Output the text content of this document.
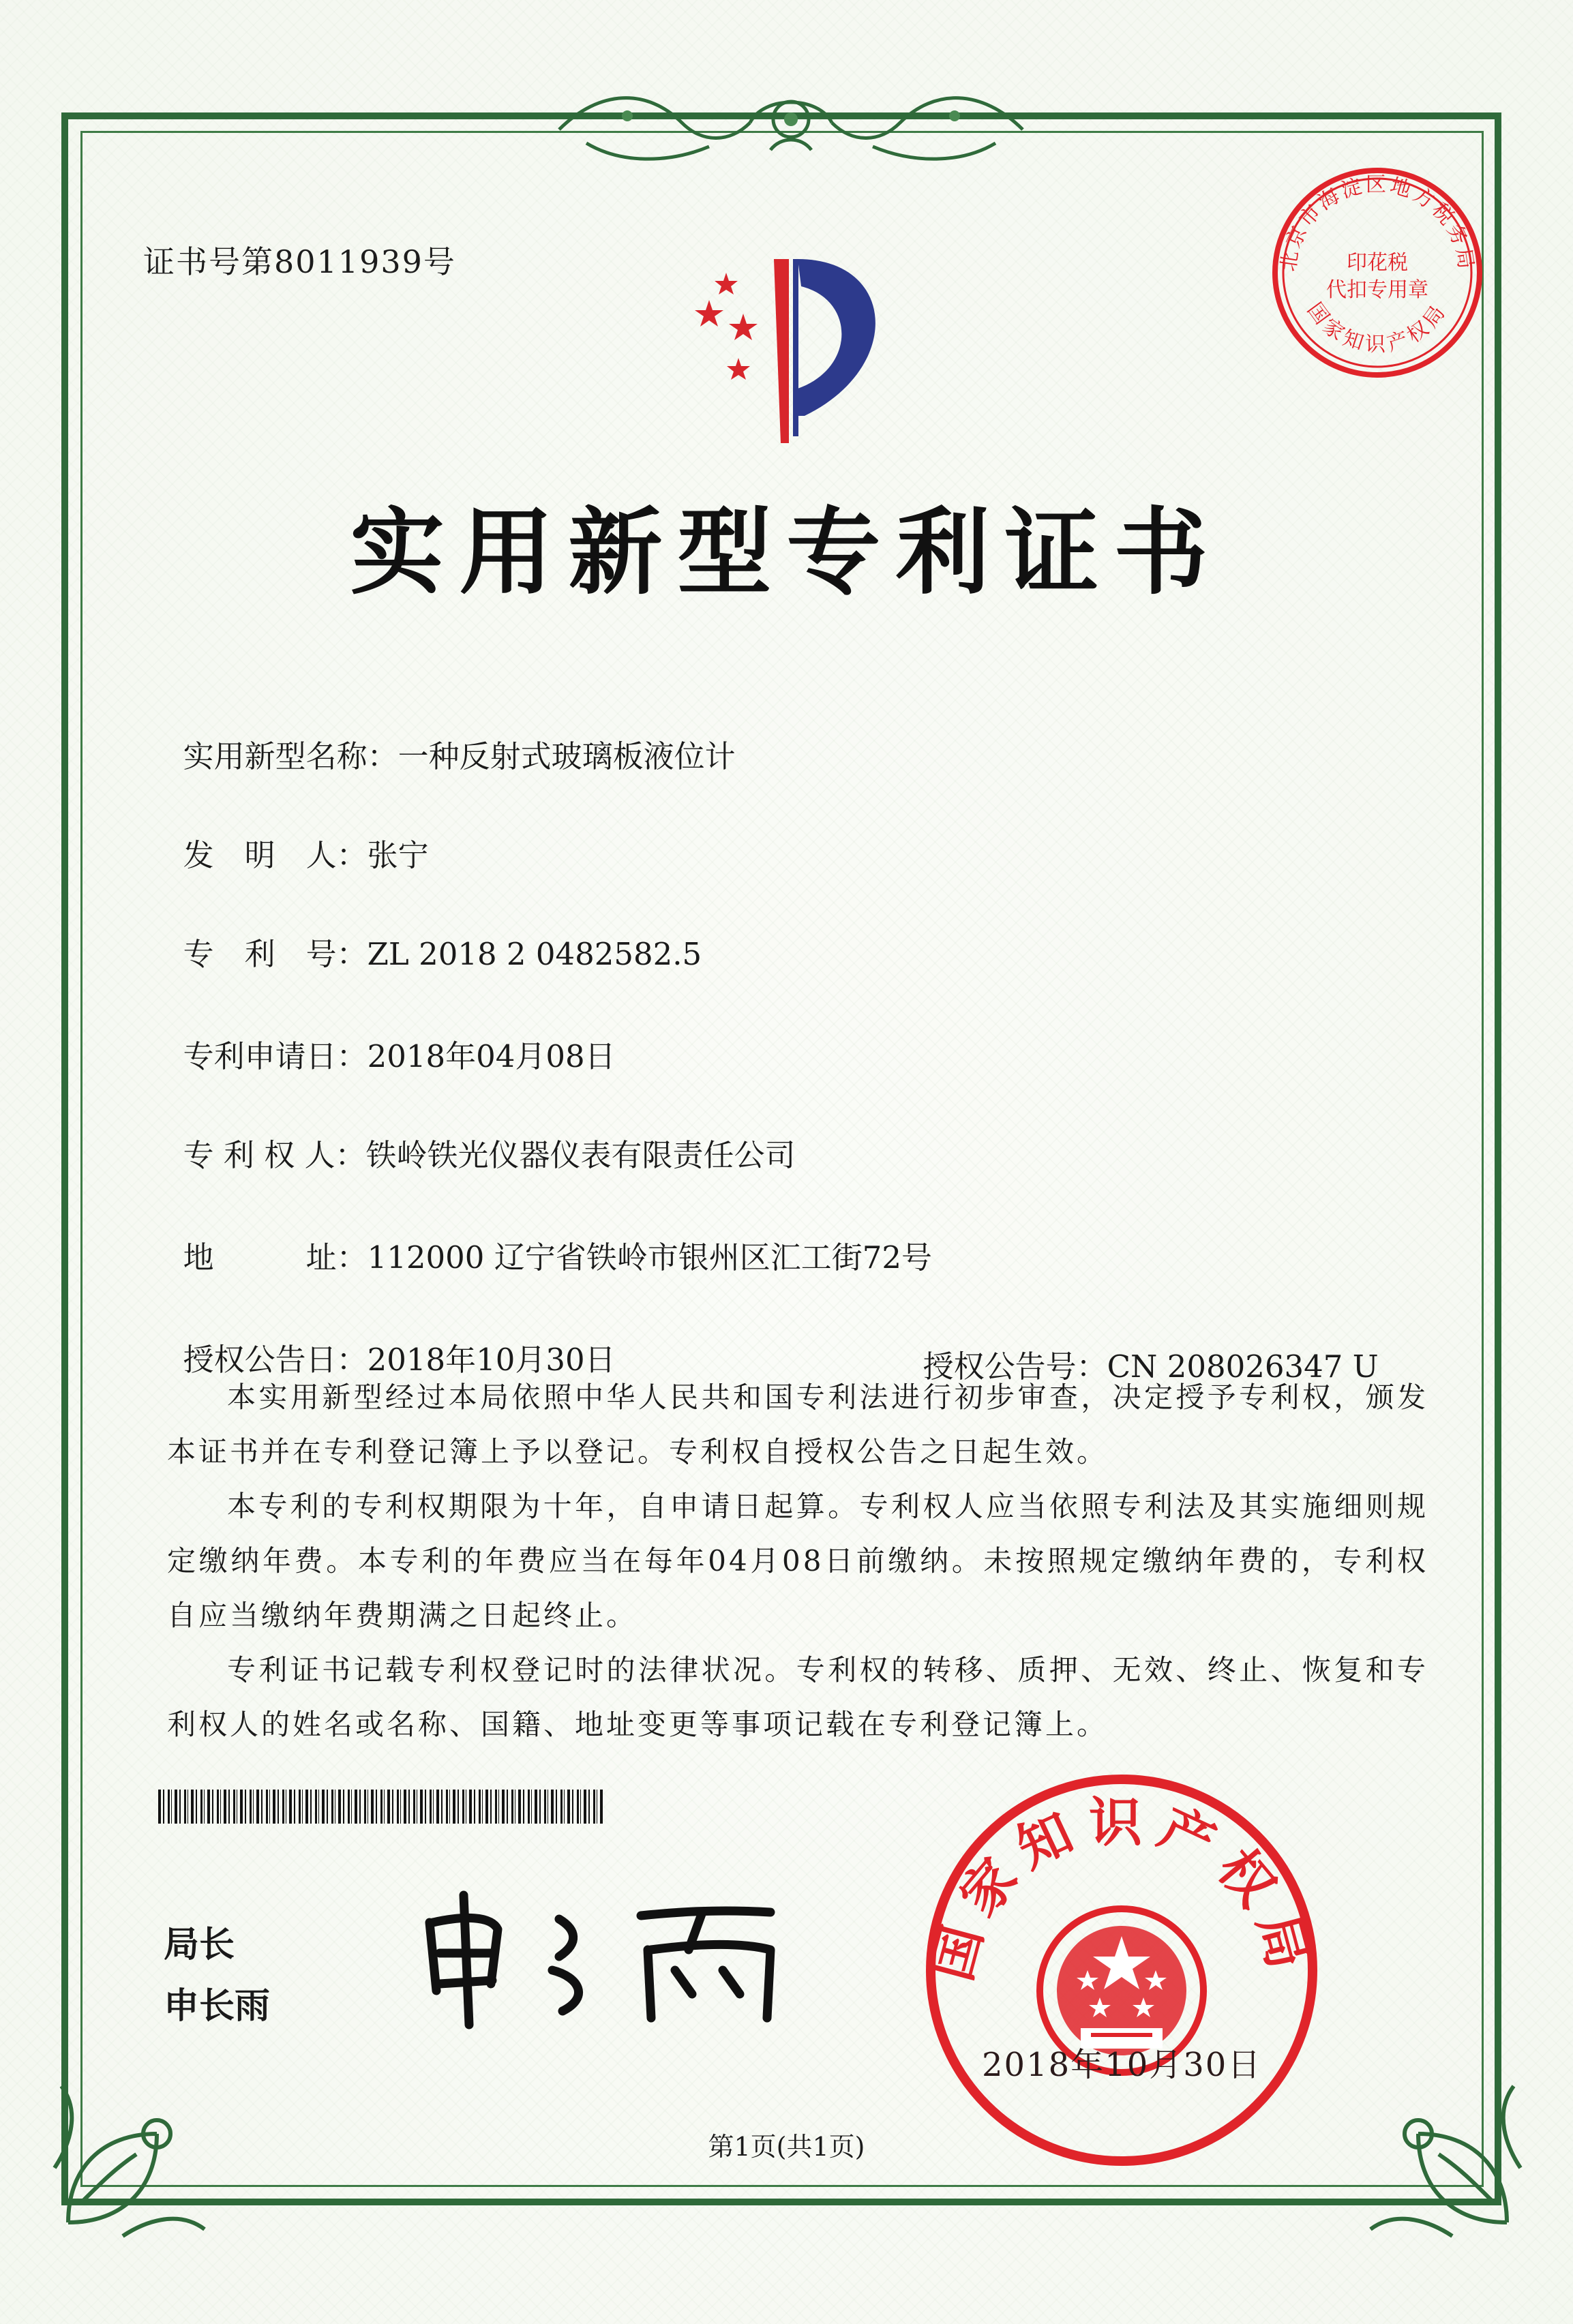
证书号第8011939号
实用新型专利证书

实用新型名称：一种反射式玻璃板液位计

发　明　人：张宁

专　利　号：ZL 2018 2 0482582.5

专利申请日：2018年04月08日

专 利 权 人：铁岭铁光仪器仪表有限责任公司

地　　　址：112000 辽宁省铁岭市银州区汇工街72号

授权公告日：2018年10月30日	授权公告号：CN 208026347 U

本实用新型经过本局依照中华人民共和国专利法进行初步审查，决定授予专利权，颁发本证书并在专利登记簿上予以登记。专利权自授权公告之日起生效。

本专利的专利权期限为十年，自申请日起算。专利权人应当依照专利法及其实施细则规定缴纳年费。本专利的年费应当在每年04月08日前缴纳。未按照规定缴纳年费的，专利权自应当缴纳年费期满之日起终止。

专利证书记载专利权登记时的法律状况。专利权的转移、质押、无效、终止、恢复和专利权人的姓名或名称、国籍、地址变更等事项记载在专利登记簿上。

局长
申长雨
第1页(共1页)
国家知识产权局
2018年10月30日
北京市海淀区地方税务局
印花税
代扣专用章
国家知识产权局
